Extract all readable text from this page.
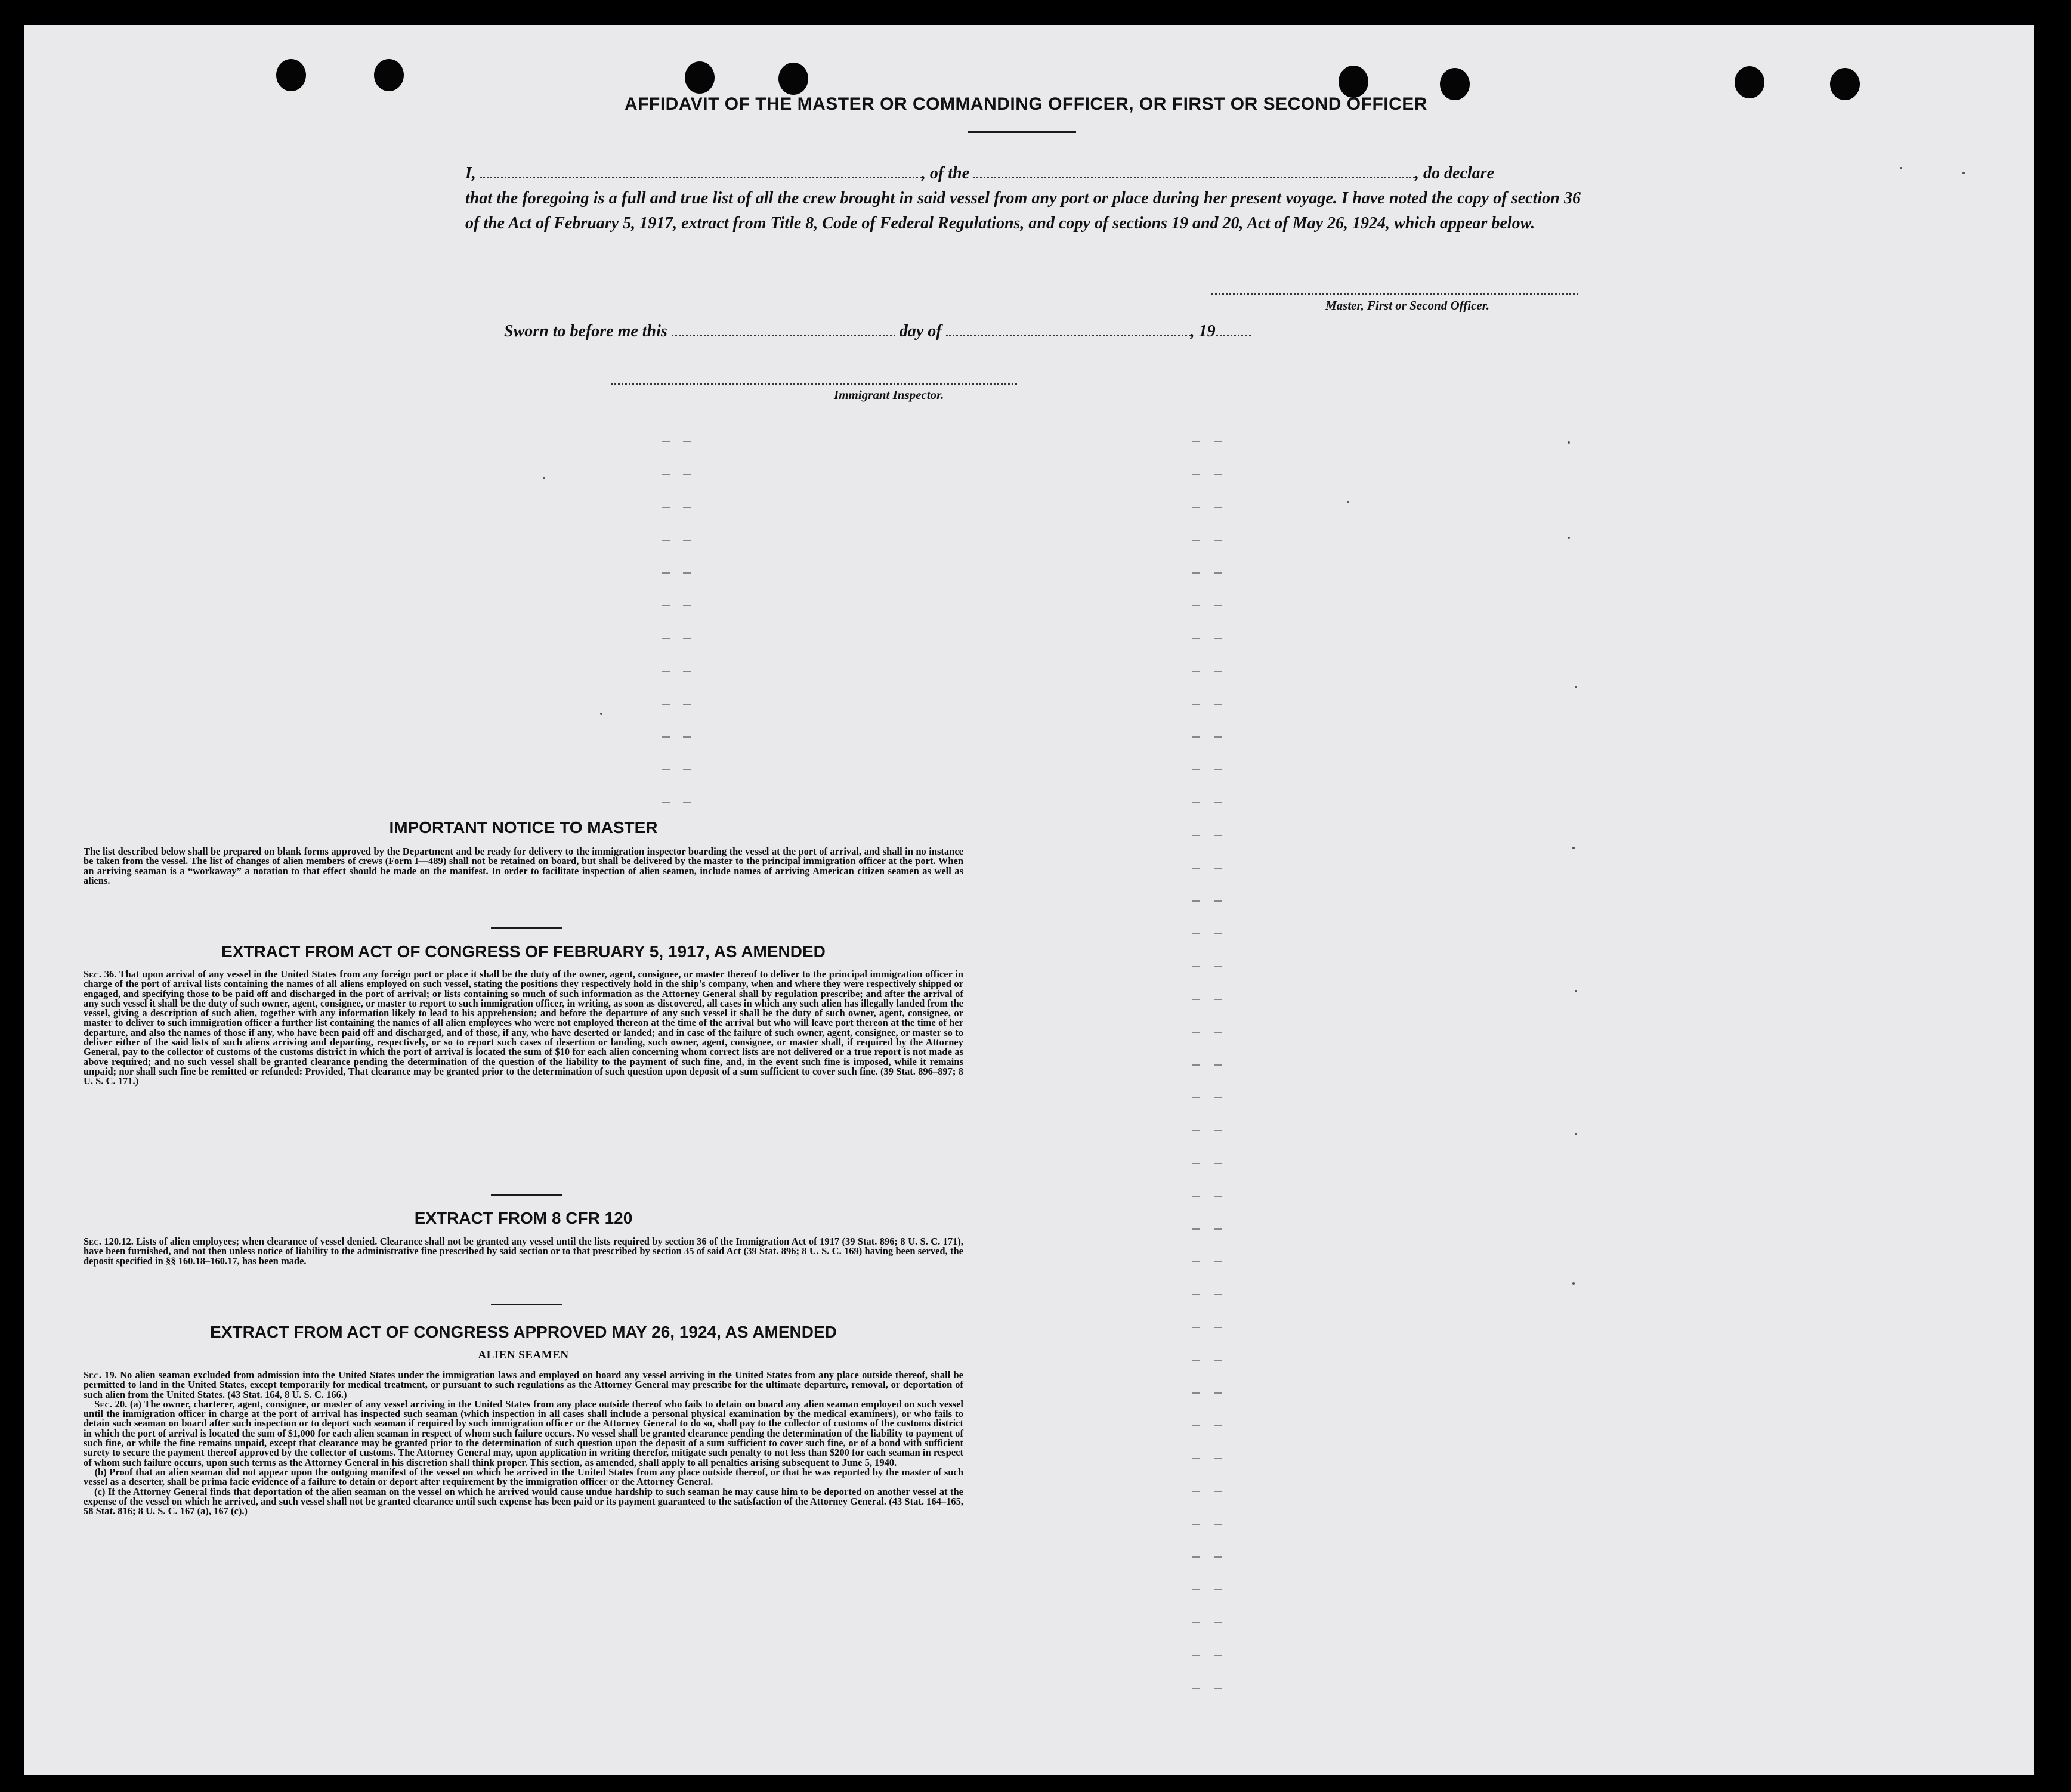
AFFIDAVIT OF THE MASTER OR COMMANDING OFFICER, OR FIRST OR SECOND OFFICER
I,	, of the	, do declare
that the foregoing is a full and true list of all the crew brought in said vessel from any port or place during her present voyage. I have noted the copy of section 36 of the Act of February 5, 1917, extract from Title 8, Code of Federal Regulations, and copy of sections 19 and 20, Act of May 26, 1924, which appear below.
Master, First or Second Officer.
Sworn to before me this	day of	, 19
Immigrant Inspector.
IMPORTANT NOTICE TO MASTER

The list described below shall be prepared on blank forms approved by the Department and be ready for delivery to the immigration inspector boarding the vessel at the port of arrival, and shall in no instance be taken from the vessel. The list of changes of alien members of crews (Form I—489) shall not be retained on board, but shall be delivered by the master to the principal immigration officer at the port. When an arriving seaman is a “workaway” a notation to that effect should be made on the manifest. In order to facilitate inspection of alien seamen, include names of arriving American citizen seamen as well as aliens.

EXTRACT FROM ACT OF CONGRESS OF FEBRUARY 5, 1917, AS AMENDED

Sec. 36. That upon arrival of any vessel in the United States from any foreign port or place it shall be the duty of the owner, agent, consignee, or master thereof to deliver to the principal immigration officer in charge of the port of arrival lists containing the names of all aliens employed on such vessel, stating the positions they respectively hold in the ship's company, when and where they were respectively shipped or engaged, and specifying those to be paid off and discharged in the port of arrival; or lists containing so much of such information as the Attorney General shall by regulation prescribe; and after the arrival of any such vessel it shall be the duty of such owner, agent, consignee, or master to report to such immigration officer, in writing, as soon as discovered, all cases in which any such alien has illegally landed from the vessel, giving a description of such alien, together with any information likely to lead to his apprehension; and before the departure of any such vessel it shall be the duty of such owner, agent, consignee, or master to deliver to such immigration officer a further list containing the names of all alien employees who were not employed thereon at the time of the arrival but who will leave port thereon at the time of her departure, and also the names of those if any, who have been paid off and discharged, and of those, if any, who have deserted or landed; and in case of the failure of such owner, agent, consignee, or master so to deliver either of the said lists of such aliens arriving and departing, respectively, or so to report such cases of desertion or landing, such owner, agent, consignee, or master shall, if required by the Attorney General, pay to the collector of customs of the customs district in which the port of arrival is located the sum of $10 for each alien concerning whom correct lists are not delivered or a true report is not made as above required; and no such vessel shall be granted clearance pending the determination of the question of the liability to the payment of such fine, and, in the event such fine is imposed, while it remains unpaid; nor shall such fine be remitted or refunded: Provided, That clearance may be granted prior to the determination of such question upon deposit of a sum sufficient to cover such fine. (39 Stat. 896–897; 8 U. S. C. 171.)

EXTRACT FROM 8 CFR 120

Sec. 120.12. Lists of alien employees; when clearance of vessel denied. Clearance shall not be granted any vessel until the lists required by section 36 of the Immigration Act of 1917 (39 Stat. 896; 8 U. S. C. 171), have been furnished, and not then unless notice of liability to the administrative fine prescribed by said section or to that prescribed by section 35 of said Act (39 Stat. 896; 8 U. S. C. 169) having been served, the deposit specified in §§ 160.18–160.17, has been made.

EXTRACT FROM ACT OF CONGRESS APPROVED MAY 26, 1924, AS AMENDED
ALIEN SEAMEN

Sec. 19. No alien seaman excluded from admission into the United States under the immigration laws and employed on board any vessel arriving in the United States from any place outside thereof, shall be permitted to land in the United States, except temporarily for medical treatment, or pursuant to such regulations as the Attorney General may prescribe for the ultimate departure, removal, or deportation of such alien from the United States. (43 Stat. 164, 8 U. S. C. 166.)
Sec. 20. (a) The owner, charterer, agent, consignee, or master of any vessel arriving in the United States from any place outside thereof who fails to detain on board any alien seaman employed on such vessel until the immigration officer in charge at the port of arrival has inspected such seaman (which inspection in all cases shall include a personal physical examination by the medical examiners), or who fails to detain such seaman on board after such inspection or to deport such seaman if required by such immigration officer or the Attorney General to do so, shall pay to the collector of customs of the customs district in which the port of arrival is located the sum of $1,000 for each alien seaman in respect of whom such failure occurs. No vessel shall be granted clearance pending the determination of the liability to payment of such fine, or while the fine remains unpaid, except that clearance may be granted prior to the determination of such question upon the deposit of a sum sufficient to cover such fine, or of a bond with sufficient surety to secure the payment thereof approved by the collector of customs. The Attorney General may, upon application in writing therefor, mitigate such penalty to not less than $200 for each seaman in respect of whom such failure occurs, upon such terms as the Attorney General in his discretion shall think proper. This section, as amended, shall apply to all penalties arising subsequent to June 5, 1940.
(b) Proof that an alien seaman did not appear upon the outgoing manifest of the vessel on which he arrived in the United States from any place outside thereof, or that he was reported by the master of such vessel as a deserter, shall be prima facie evidence of a failure to detain or deport after requirement by the immigration officer or the Attorney General.
(c) If the Attorney General finds that deportation of the alien seaman on the vessel on which he arrived would cause undue hardship to such seaman he may cause him to be deported on another vessel at the expense of the vessel on which he arrived, and such vessel shall not be granted clearance until such expense has been paid or its payment guaranteed to the satisfaction of the Attorney General. (43 Stat. 164–165, 58 Stat. 816; 8 U. S. C. 167 (a), 167 (c).)
